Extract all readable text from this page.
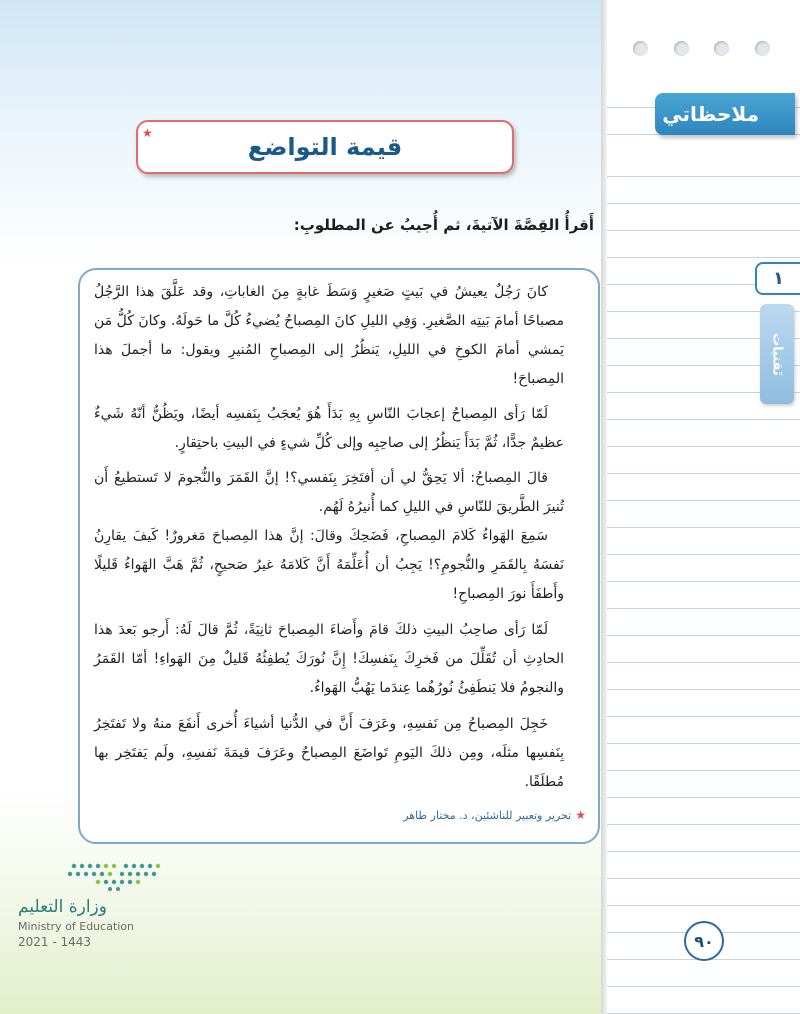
ملاحظاتي
١
تَقنيات
قيمة التواضع
★
أَقرأُ القِصَّةَ الآتيةَ، ثم أُجيبُ عن المطلوبِ:

كانَ رَجُلٌ يعيشُ في بَيتٍ صَغيرٍ وَسَطَ غابةٍ مِنَ الغاباتِ، وقد عَلَّقَ هذا الرَّجُلُ مصباحًا أمامَ بَيتِه الصَّغيرِ. وَفِي الليلِ كانَ المِصباحُ يُضيءُ كُلَّ ما حَولَهُ. وكانَ كُلُّ مَن يَمشي أمامَ الكوخِ في الليلِ، يَنظُرُ إلى المِصباحِ المُنيرِ ويقول: ما أجملَ هذا المِصباحَ!

لَمّا رَأى المِصباحُ إعجابَ النّاسِ بِهِ بَدَأَ هُوَ يُعجَبُ بِنَفسِه أيضًا، ويَظُنُّ أنّهُ شَيءٌ عظيمٌ جدًّا، ثُمَّ بَدَأَ يَنظُرُ إلى صاحِبِه وإلى كُلِّ شيءٍ في البيتِ باحتِقارٍ.

قالَ المِصباحُ: ألا يَحِقُّ لي أن أفتَخِرَ بِنَفسي؟! إنَّ القَمَرَ والنُّجومَ لا تَستطيعُ أَن تُنيرَ الطَّريقَ للنّاسِ في الليلِ كما أُنيرُهُ لَهُم.

سَمِعَ الهَواءُ كَلامَ المِصباحِ، فَضَحِكَ وقالَ: إنَّ هذا المِصباحَ مَغرورٌ! كَيفَ يقارِنُ نَفسَهُ بِالقَمَرِ والنُّجومِ؟! يَجِبُ أن أُعَلِّمَهُ أَنَّ كَلامَهُ غيرُ صَحيحٍ، ثُمَّ هَبَّ الهَواءُ قَليلًا وأَطفَأَ نورَ المِصباحِ!

لَمّا رَأى صاحِبُ البيتِ ذلكَ قامَ وأَضاءَ المِصباحَ ثانِيَةً، ثُمَّ قالَ لَهُ: أَرجو بَعدَ هذا الحادِثِ أن تُقَلِّلَ من فَخرِكَ بِنَفسِكَ! إِنَّ نُورَكَ يُطفِئُهُ قَليلٌ مِنَ الهَواءِ! أمّا القَمَرُ والنجومُ فلا يَنطَفِئُ نُورُهُما عِندَما يَهُبُّ الهَواءُ.

خَجِلَ المِصباحُ مِن نَفسِهِ، وعَرَفَ أَنَّ في الدُّنيا أشياءَ أُخرى أَنفَعَ منهُ ولا تَفتَخِرُ بِنَفسِها مثلَه، ومِن ذلكَ اليَومِ تَواضَعَ المِصباحُ وعَرَفَ قيمَةَ نَفسِهِ، ولَم يَفتَخِر بها مُطلَقًا.

★تحرير وتعبير للناشئين، د. مختار طاهر
وزارة التعليم
Ministry of Education
2021 - 1443	٩٠
